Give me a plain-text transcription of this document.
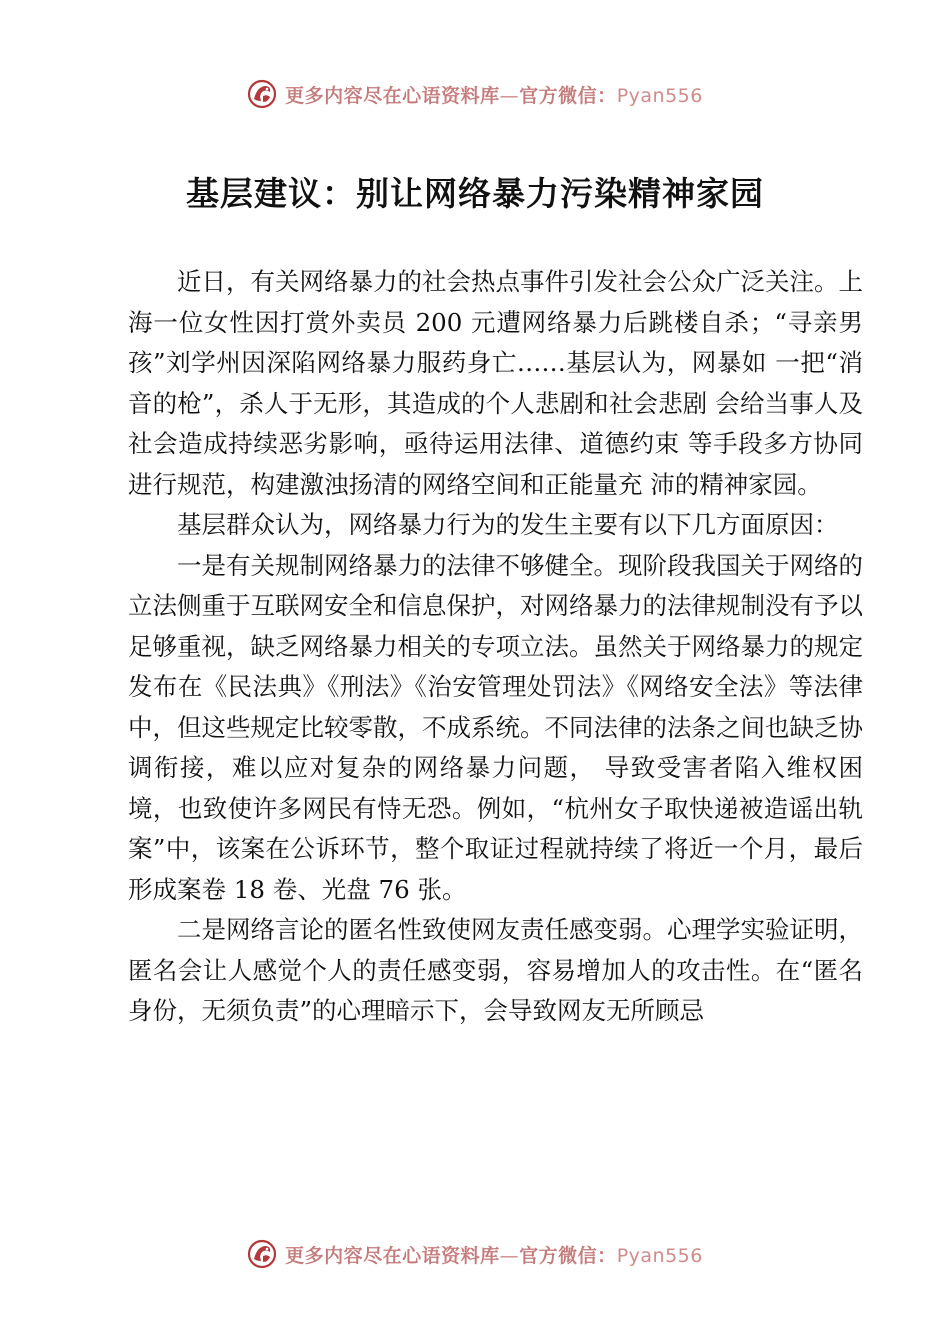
更多内容尽在心语资料库—官方微信：Pyan556
基层建议：别让网络暴力污染精神家园

近日，有关网络暴力的社会热点事件引发社会公众广泛关注。上海一位女性因打赏外卖员 200 元遭网络暴力后跳楼自杀；“寻亲男孩”刘学州因深陷网络暴力服药身亡……基层认为，网暴如 一把“消音的枪”，杀人于无形，其造成的个人悲剧和社会悲剧 会给当事人及社会造成持续恶劣影响，亟待运用法律、道德约束 等手段多方协同进行规范，构建激浊扬清的网络空间和正能量充 沛的精神家园。

基层群众认为，网络暴力行为的发生主要有以下几方面原因：

一是有关规制网络暴力的法律不够健全。现阶段我国关于网络的立法侧重于互联网安全和信息保护，对网络暴力的法律规制没有予以足够重视，缺乏网络暴力相关的专项立法。虽然关于网络暴力的规定发布在《民法典》《刑法》《治安管理处罚法》《网络安全法》等法律中，但这些规定比较零散，不成系统。不同法律的法条之间也缺乏协调衔接，难以应对复杂的网络暴力问题， 导致受害者陷入维权困境，也致使许多网民有恃无恐。例如，“杭州女子取快递被造谣出轨案”中，该案在公诉环节，整个取证过程就持续了将近一个月，最后形成案卷 18 卷、光盘 76 张。

二是网络言论的匿名性致使网友责任感变弱。心理学实验证明，匿名会让人感觉个人的责任感变弱，容易增加人的攻击性。在“匿名身份，无须负责”的心理暗示下，会导致网友无所顾忌

更多内容尽在心语资料库—官方微信：Pyan556
